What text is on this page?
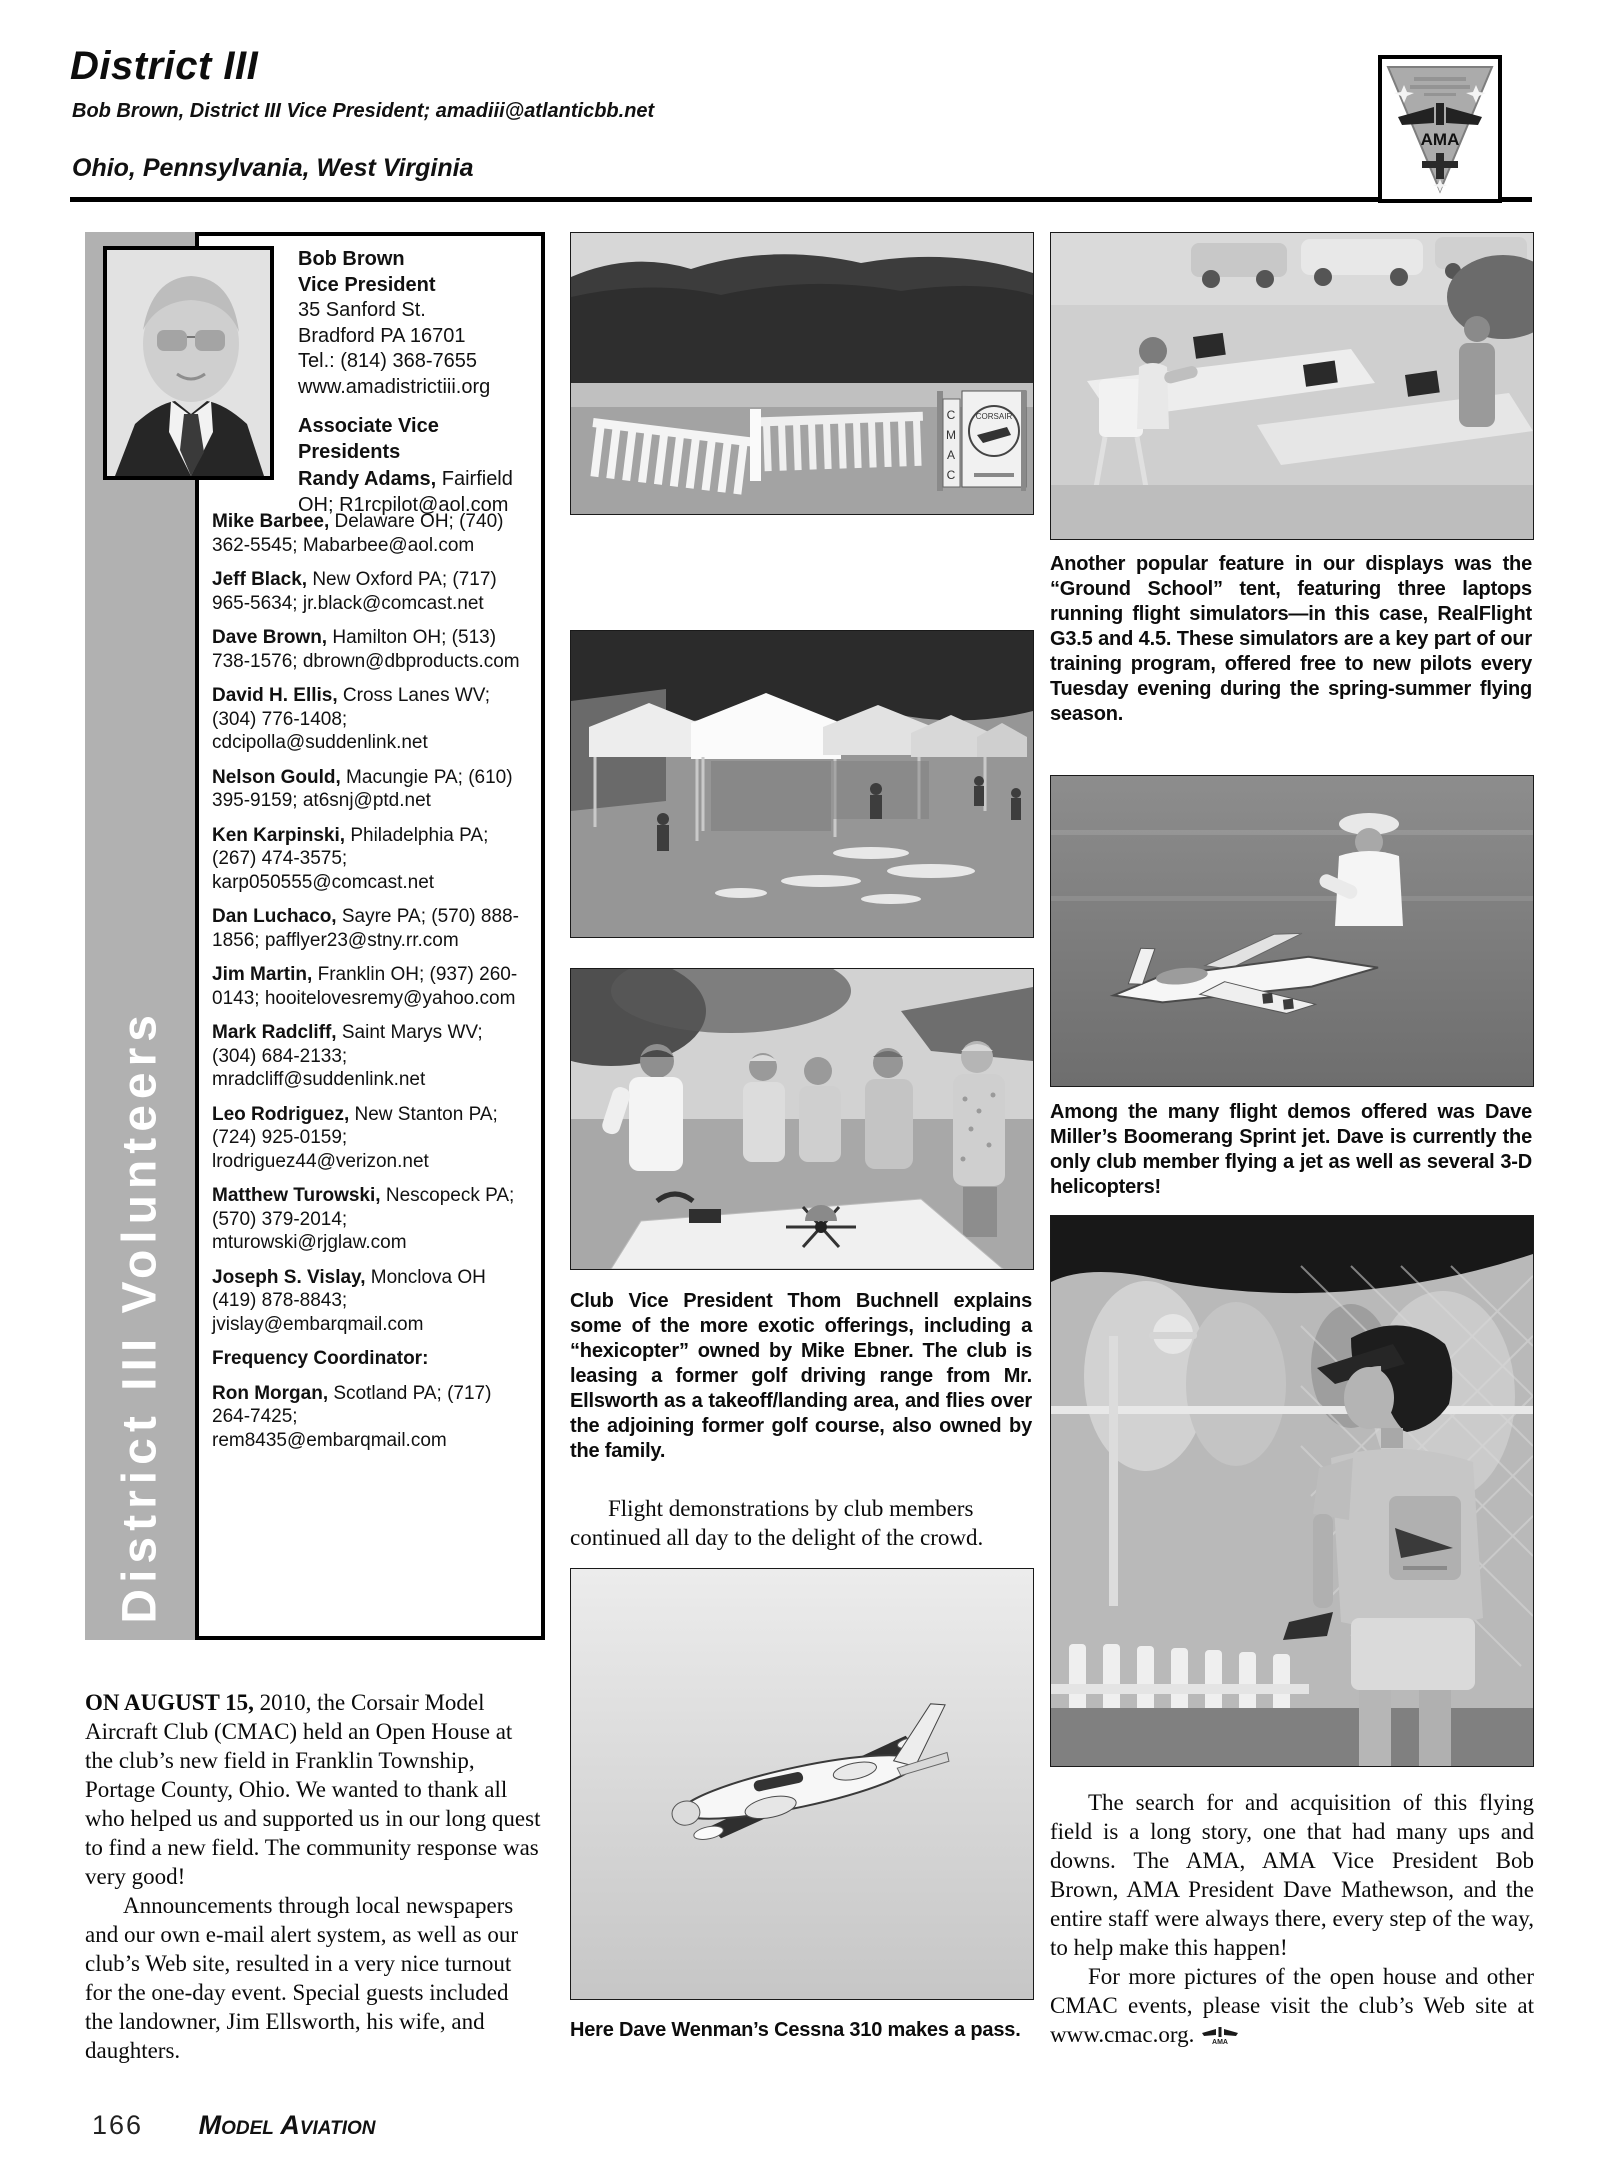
District III
Bob Brown, District III Vice President; amadiii@atlanticbb.net
Ohio, Pennsylvania, West Virginia
AMA
District III Volunteers
Bob Brown
Vice President
35 Sanford St.
Bradford PA 16701
Tel.: (814) 368-7655
www.amadistrictiii.org
Associate Vice Presidents

Randy Adams, Fairfield OH; R1rcpilot@aol.com

Mike Barbee, Delaware OH; (740) 362-5545; Mabarbee@aol.com

Jeff Black, New Oxford PA; (717) 965-5634; jr.black@comcast.net

Dave Brown, Hamilton OH; (513) 738-1576; dbrown@dbproducts.com

David H. Ellis, Cross Lanes WV; (304) 776-1408; cdcipolla@suddenlink.net

Nelson Gould, Macungie PA; (610) 395-9159; at6snj@ptd.net

Ken Karpinski, Philadelphia PA; (267) 474-3575; karp050555@comcast.net

Dan Luchaco, Sayre PA; (570) 888-1856; pafflyer23@stny.rr.com

Jim Martin, Franklin OH; (937) 260-0143; hooitelovesremy@yahoo.com

Mark Radcliff, Saint Marys WV; (304) 684-2133; mradcliff@suddenlink.net

Leo Rodriguez, New Stanton PA; (724) 925-0159; lrodriguez44@verizon.net

Matthew Turowski, Nescopeck PA; (570) 379-2014; mturowski@rjglaw.com

Joseph S. Vislay, Monclova OH (419) 878-8843; jvislay@embarqmail.com

Frequency Coordinator:

Ron Morgan, Scotland PA; (717) 264-7425; rem8435@embarqmail.com

ON AUGUST 15, 2010, the Corsair Model Aircraft Club (CMAC) held an Open House at the club’s new field in Franklin Township, Portage County, Ohio. We wanted to thank all who helped us and supported us in our long quest to find a new field. The community response was very good!

Announcements through local newspapers and our own e-mail alert system, as well as our club’s Web site, resulted in a very nice turnout for the one-day event. Special guests included the landowner, Jim Ellsworth, his wife, and daughters.

C
M
A
C
CORSAIR
Club Vice President Thom Buchnell explains some of the more exotic offerings, including a “hexicopter” owned by Mike Ebner. The club is leasing a former golf driving range from Mr. Ellsworth as a takeoff/landing area, and flies over the adjoining former golf course, also owned by the family.
Flight demonstrations by club members continued all day to the delight of the crowd.
Here Dave Wenman’s Cessna 310 makes a pass.
Another popular feature in our displays was the “Ground School” tent, featuring three laptops running flight simulators—in this case, RealFlight G3.5 and 4.5. These simulators are a key part of our training program, offered free to new pilots every Tuesday evening during the spring-summer flying season.
Among the many flight demos offered was Dave Miller’s Boomerang Sprint jet. Dave is currently the only club member flying a jet as well as several 3-D helicopters!

The search for and acquisition of this flying field is a long story, one that had many ups and downs. The AMA, AMA Vice President Bob Brown, AMA President Dave Mathewson, and the entire staff were always there, every step of the way, to help make this happen!

For more pictures of the open house and other CMAC events, please visit the club’s Web site at www.cmac.org.	AMA

166 Model Aviation
